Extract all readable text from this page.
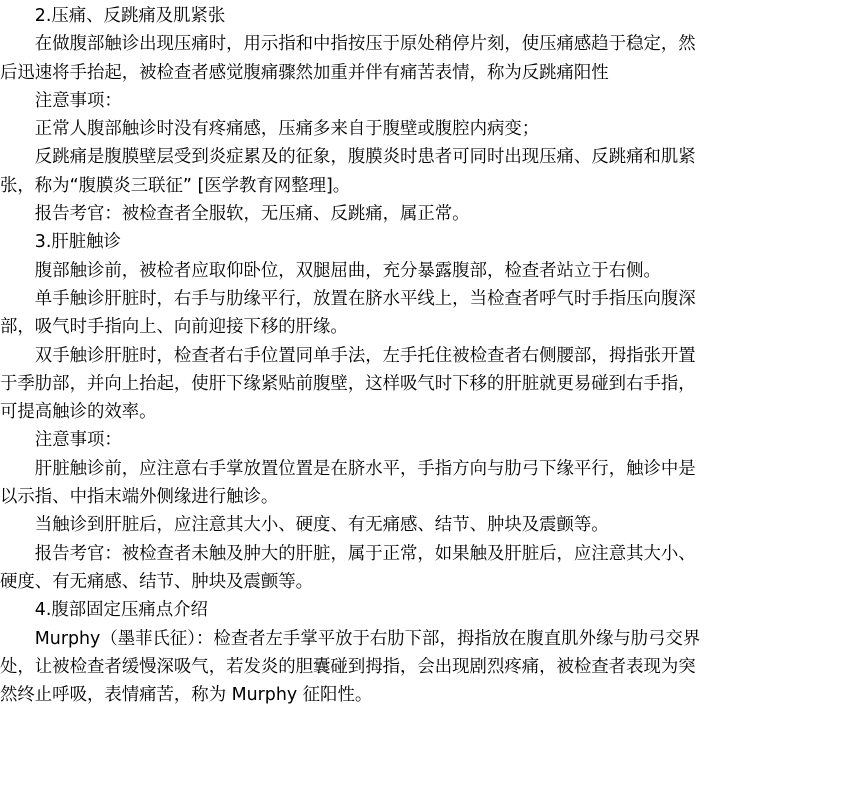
2.压痛、反跳痛及肌紧张

在做腹部触诊出现压痛时，用示指和中指按压于原处稍停片刻，使压痛感趋于稳定，然
后迅速将手抬起，被检查者感觉腹痛骤然加重并伴有痛苦表情，称为反跳痛阳性

注意事项：

正常人腹部触诊时没有疼痛感，压痛多来自于腹壁或腹腔内病变；

反跳痛是腹膜壁层受到炎症累及的征象，腹膜炎时患者可同时出现压痛、反跳痛和肌紧
张，称为“腹膜炎三联征” [医学教育网整理]。

报告考官：被检查者全服软，无压痛、反跳痛，属正常。

3.肝脏触诊

腹部触诊前，被检者应取仰卧位，双腿屈曲，充分暴露腹部，检查者站立于右侧。

单手触诊肝脏时，右手与肋缘平行，放置在脐水平线上，当检查者呼气时手指压向腹深
部，吸气时手指向上、向前迎接下移的肝缘。

双手触诊肝脏时，检查者右手位置同单手法，左手托住被检查者右侧腰部，拇指张开置
于季肋部，并向上抬起，使肝下缘紧贴前腹壁，这样吸气时下移的肝脏就更易碰到右手指，
可提高触诊的效率。

注意事项：

肝脏触诊前，应注意右手掌放置位置是在脐水平，手指方向与肋弓下缘平行，触诊中是
以示指、中指末端外侧缘进行触诊。

当触诊到肝脏后，应注意其大小、硬度、有无痛感、结节、肿块及震颤等。

报告考官：被检查者未触及肿大的肝脏，属于正常，如果触及肝脏后，应注意其大小、
硬度、有无痛感、结节、肿块及震颤等。

4.腹部固定压痛点介绍

Murphy（墨菲氏征）：检查者左手掌平放于右肋下部，拇指放在腹直肌外缘与肋弓交界
处，让被检查者缓慢深吸气，若发炎的胆囊碰到拇指，会出现剧烈疼痛，被检查者表现为突
然终止呼吸，表情痛苦，称为 Murphy 征阳性。
